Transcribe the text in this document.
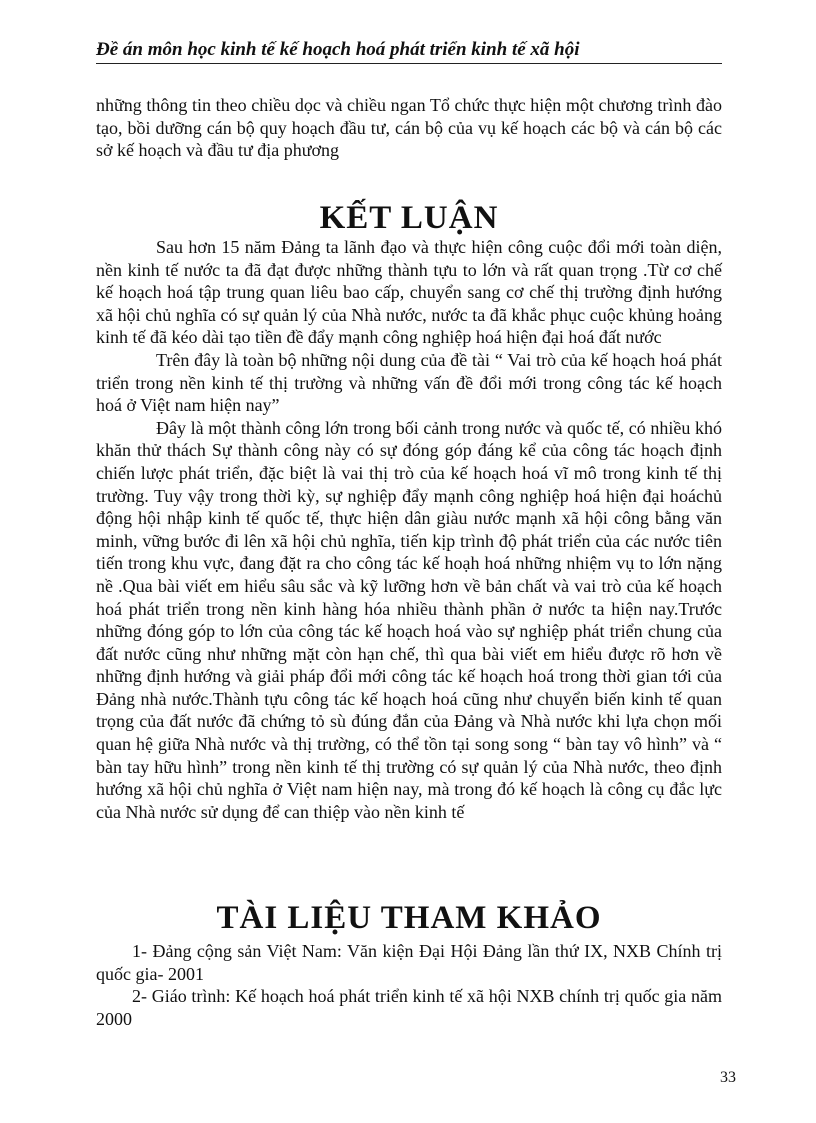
Đề án môn học kinh tế kế hoạch hoá phát triển kinh tế xã hội

những thông tin theo chiều dọc và chiều ngan Tổ chức thực hiện một chương trình đào tạo, bồi dưỡng cán bộ quy hoạch đầu tư, cán bộ của vụ kế hoạch các bộ và cán bộ các sở kế hoạch và đầu tư địa phương

KẾT LUẬN

Sau hơn 15 năm Đảng ta lãnh đạo và thực hiện công cuộc đổi mới toàn diện, nền kinh tế nước ta đã đạt được những thành tựu to lớn và rất quan trọng .Từ cơ chế kế hoạch hoá tập trung quan liêu bao cấp, chuyển sang cơ chế thị trường định hướng xã hội chủ nghĩa có sự quản lý của Nhà nước, nước ta đã khắc phục cuộc khủng hoảng kinh tế đã kéo dài tạo tiền đề đẩy mạnh công nghiệp hoá hiện đại hoá đất nước

Trên đây là toàn bộ những nội dung của đề tài “ Vai trò của kế hoạch hoá phát triển trong nền kinh tế thị trường và những vấn đề đổi mới trong công tác kế hoạch hoá ở Việt nam hiện nay”

Đây là một thành công lớn trong bối cảnh trong nước và quốc tế, có nhiều khó khăn thử thách Sự thành công này có sự đóng góp đáng kể của công tác hoạch định chiến lược phát triển, đặc biệt là vai thị trò của kế hoạch hoá vĩ mô trong kinh tế thị trường. Tuy vậy trong thời kỳ, sự nghiệp đẩy mạnh công nghiệp hoá hiện đại hoáchủ động hội nhập kinh tế quốc tế, thực hiện dân giàu nước mạnh xã hội công bằng văn minh, vững bước đi lên xã hội chủ nghĩa, tiến kịp trình độ phát triển của các nước tiên tiến trong khu vực, đang đặt ra cho công tác kế hoạh hoá những nhiệm vụ to lớn nặng nề .Qua bài viết em hiểu sâu sắc và kỹ lưỡng hơn về bản chất và vai trò của kế hoạch hoá phát triển trong nền kinh hàng hóa nhiều thành phần ở nước ta hiện nay.Trước những đóng góp to lớn của công tác kế hoạch hoá vào sự nghiệp phát triển chung của đất nước cũng như những mặt còn hạn chế, thì qua bài viết em hiểu được rõ hơn về những định hướng và giải pháp đổi mới công tác kế hoạch hoá trong thời gian tới của Đảng nhà nước.Thành tựu công tác kế hoạch hoá cũng như chuyển biến kinh tế quan trọng của đất nước đã chứng tỏ sù đúng đắn của Đảng và Nhà nước khi lựa chọn mối quan hệ giữa Nhà nước và thị trường, có thể tồn tại song song “ bàn tay vô hình” và “ bàn tay hữu hình” trong nền kinh tế thị trường có sự quản lý của Nhà nước, theo định hướng xã hội chủ nghĩa ở Việt nam hiện nay, mà trong đó kế hoạch là công cụ đắc lực của Nhà nước sử dụng để can thiệp vào nền kinh tế

TÀI LIỆU THAM KHẢO

1- Đảng cộng sản Việt Nam: Văn kiện Đại Hội Đảng lần thứ IX, NXB Chính trị quốc gia- 2001

2- Giáo trình: Kế hoạch hoá phát triển kinh tế xã hội NXB chính trị quốc gia năm 2000

33
